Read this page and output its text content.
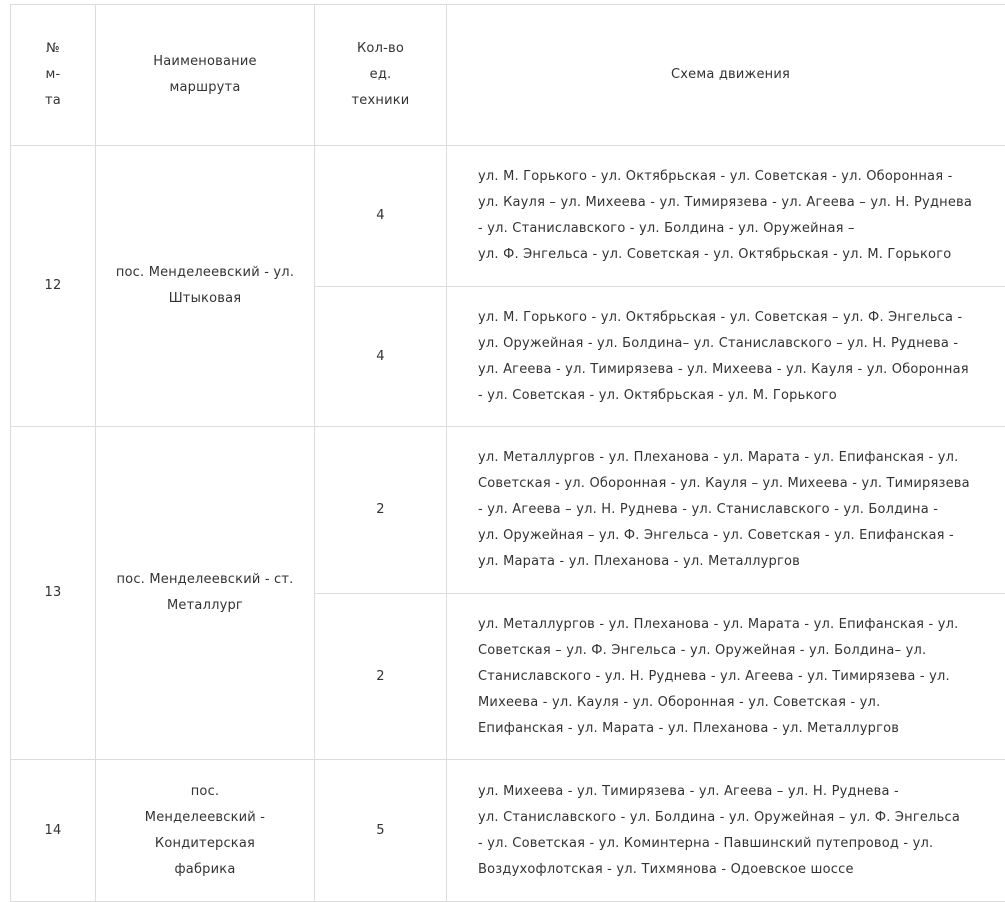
№ м-та	Наименование маршрута	Кол-во ед. техники	Схема движения
12	пос. Менделеевский - ул. Штыковая	4	ул. М. Горького - ул. Октябрьская - ул. Советская - ул. Оборонная -
ул. Кауля – ул. Михеева - ул. Тимирязева - ул. Агеева – ул. Н. Руднева
- ул. Станиславского - ул. Болдина - ул. Оружейная –
ул. Ф. Энгельса - ул. Советская - ул. Октябрьская - ул. М. Горького

		4	ул. М. Горького - ул. Октябрьская - ул. Советская – ул. Ф. Энгельса -
ул. Оружейная - ул. Болдина– ул. Станиславского – ул. Н. Руднева -
ул. Агеева - ул. Тимирязева - ул. Михеева - ул. Кауля - ул. Оборонная
- ул. Советская - ул. Октябрьская - ул. М. Горького

13	пос. Менделеевский - ст. Металлург	2	ул. Металлургов - ул. Плеханова - ул. Марата - ул. Епифанская - ул.
Советская - ул. Оборонная - ул. Кауля – ул. Михеева - ул. Тимирязева
- ул. Агеева – ул. Н. Руднева - ул. Станиславского - ул. Болдина -
ул. Оружейная – ул. Ф. Энгельса - ул. Советская - ул. Епифанская -
ул. Марата - ул. Плеханова - ул. Металлургов

		2	ул. Металлургов - ул. Плеханова - ул. Марата - ул. Епифанская - ул.
Советская – ул. Ф. Энгельса - ул. Оружейная - ул. Болдина– ул.
Станиславского - ул. Н. Руднева - ул. Агеева - ул. Тимирязева - ул.
Михеева - ул. Кауля - ул. Оборонная - ул. Советская - ул.
Епифанская - ул. Марата - ул. Плеханова - ул. Металлургов

14	пос. Менделеевский - Кондитерская фабрика	5	ул. Михеева - ул. Тимирязева - ул. Агеева – ул. Н. Руднева -
ул. Станиславского - ул. Болдина - ул. Оружейная – ул. Ф. Энгельса
- ул. Советская - ул. Коминтерна - Павшинский путепровод - ул.
Воздухофлотская - ул. Тихмянова - Одоевское шоссе
